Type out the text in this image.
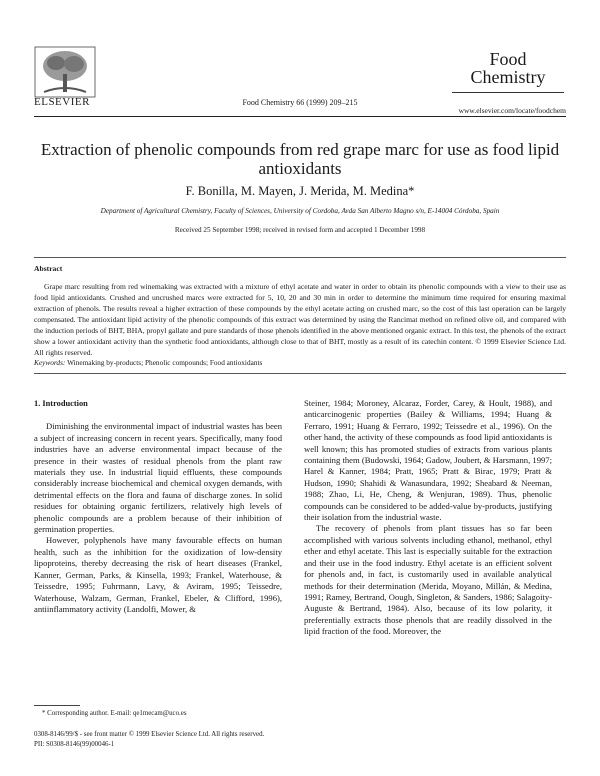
ELSEVIER	Food Chemistry 66 (1999) 209–215
Food
Chemistry
www.elsevier.com/locate/foodchem
Extraction of phenolic compounds from red grape marc for use as food lipid antioxidants
F. Bonilla, M. Mayen, J. Merida, M. Medina*
Department of Agricultural Chemistry, Faculty of Sciences, University of Cordoba, Avda San Alberto Magno s/n, E-14004 Córdoba, Spain
Received 25 September 1998; received in revised form and accepted 1 December 1998
Abstract

Grape marc resulting from red winemaking was extracted with a mixture of ethyl acetate and water in order to obtain its phenolic compounds with a view to their use as food lipid antioxidants. Crushed and uncrushed marcs were extracted for 5, 10, 20 and 30 min in order to determine the minimum time required for ensuring maximal extraction of phenols. The results reveal a higher extraction of these compounds by the ethyl acetate acting on crushed marc, so the cost of this last operation can be largely compensated. The antioxidant lipid activity of the phenolic compounds of this extract was determined by using the Rancimat method on refined olive oil, and compared with the induction periods of BHT, BHA, propyl gallate and pure standards of those phenols identified in the above mentioned organic extract. In this test, the phenols of the extract show a lower antioxidant activity than the synthetic food antioxidants, although close to that of BHT, mostly as a result of its catechin content. © 1999 Elsevier Science Ltd. All rights reserved.

Keywords: Winemaking by-products; Phenolic compounds; Food antioxidants
1. Introduction

Diminishing the environmental impact of industrial wastes has been a subject of increasing concern in recent years. Specifically, many food industries have an adverse environmental impact because of the presence in their wastes of residual phenols from the plant raw materials they use. In industrial liquid effluents, these compounds considerably increase biochemical and chemical oxygen demands, with detrimental effects on the flora and fauna of discharge zones. In solid residues for obtaining organic fertilizers, relatively high levels of phenolic compounds are a problem because of their inhibition of germination properties.

However, polyphenols have many favourable effects on human health, such as the inhibition for the oxidization of low-density lipoproteins, thereby decreasing the risk of heart diseases (Frankel, Kanner, German, Parks, & Kinsella, 1993; Frankel, Waterhouse, & Teissedre, 1995; Fuhrmann, Lavy, & Aviram, 1995; Teissedre, Waterhouse, Walzam, German, Frankel, Ebeler, & Clifford, 1996), antiinflammatory activity (Landolfi, Mower, &

Steiner, 1984; Moroney, Alcaraz, Forder, Carey, & Hoult, 1988), and anticarcinogenic properties (Bailey & Williams, 1994; Huang & Ferraro, 1991; Huang & Ferraro, 1992; Teissedre et al., 1996). On the other hand, the activity of these compounds as food lipid antioxidants is well known; this has promoted studies of extracts from various plants containing them (Budowski, 1964; Gadow, Joubert, & Harsmann, 1997; Harel & Kanner, 1984; Pratt, 1965; Pratt & Birac, 1979; Pratt & Hudson, 1990; Shahidi & Wanasundara, 1992; Sheabard & Neeman, 1988; Zhao, Li, He, Cheng, & Wenjuran, 1989). Thus, phenolic compounds can be considered to be added-value by-products, justifying their isolation from the industrial waste.

The recovery of phenols from plant tissues has so far been accomplished with various solvents including ethanol, methanol, ethyl ether and ethyl acetate. This last is especially suitable for the extraction and their use in the food industry. Ethyl acetate is an efficient solvent for phenols and, in fact, is customarily used in available analytical methods for their determination (Merida, Moyano, Millán, & Medina, 1991; Ramey, Bertrand, Oough, Singleton, & Sanders, 1986; Salagoity-Auguste & Bertrand, 1984). Also, because of its low polarity, it preferentially extracts those phenols that are readily dissolved in the lipid fraction of the food. Moreover, the

* Corresponding author. E-mail: qe1mecam@uco.es
0308-8146/99/$ - see front matter © 1999 Elsevier Science Ltd. All rights reserved.
PII: S0308-8146(99)00046-1
